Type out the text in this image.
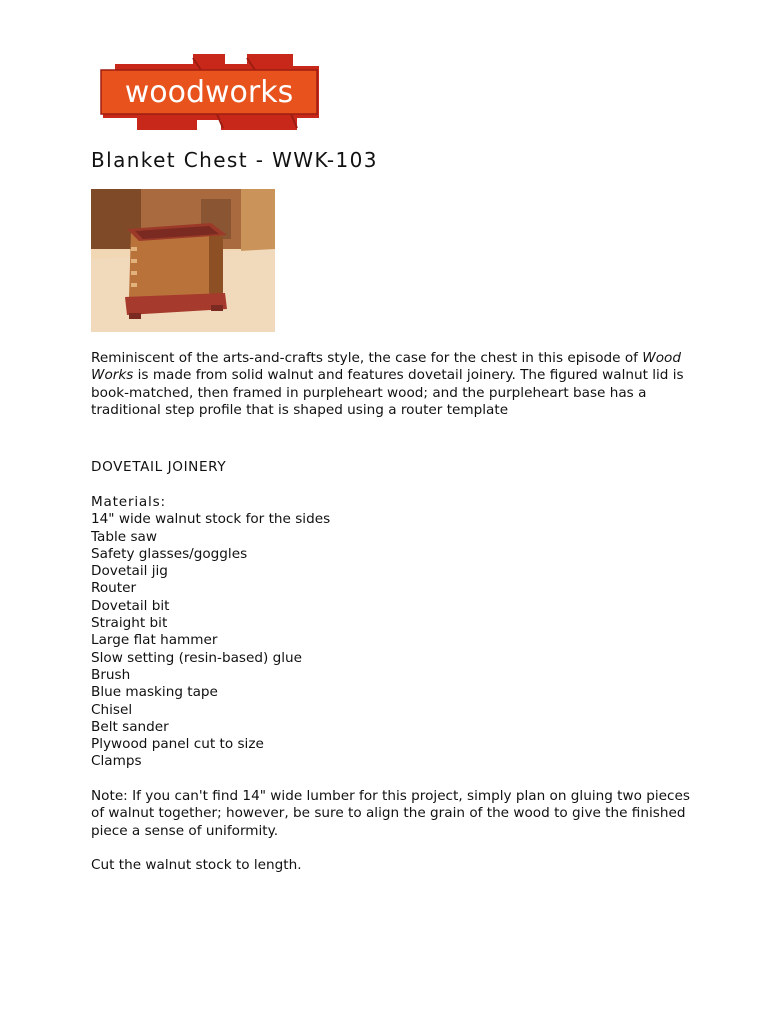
woodworks
Blanket Chest - WWK-103

Reminiscent of the arts-and-crafts style, the case for the chest in this episode of Wood Works is made from solid walnut and features dovetail joinery. The figured walnut lid is book-matched, then framed in purpleheart wood; and the purpleheart base has a traditional step profile that is shaped using a router template

DOVETAIL JOINERY

Materials:
14" wide walnut stock for the sides
Table saw
Safety glasses/goggles
Dovetail jig
Router
Dovetail bit
Straight bit
Large flat hammer
Slow setting (resin-based) glue
Brush
Blue masking tape
Chisel
Belt sander
Plywood panel cut to size
Clamps

Note: If you can't find 14" wide lumber for this project, simply plan on gluing two pieces of walnut together; however, be sure to align the grain of the wood to give the finished piece a sense of uniformity.

Cut the walnut stock to length.
